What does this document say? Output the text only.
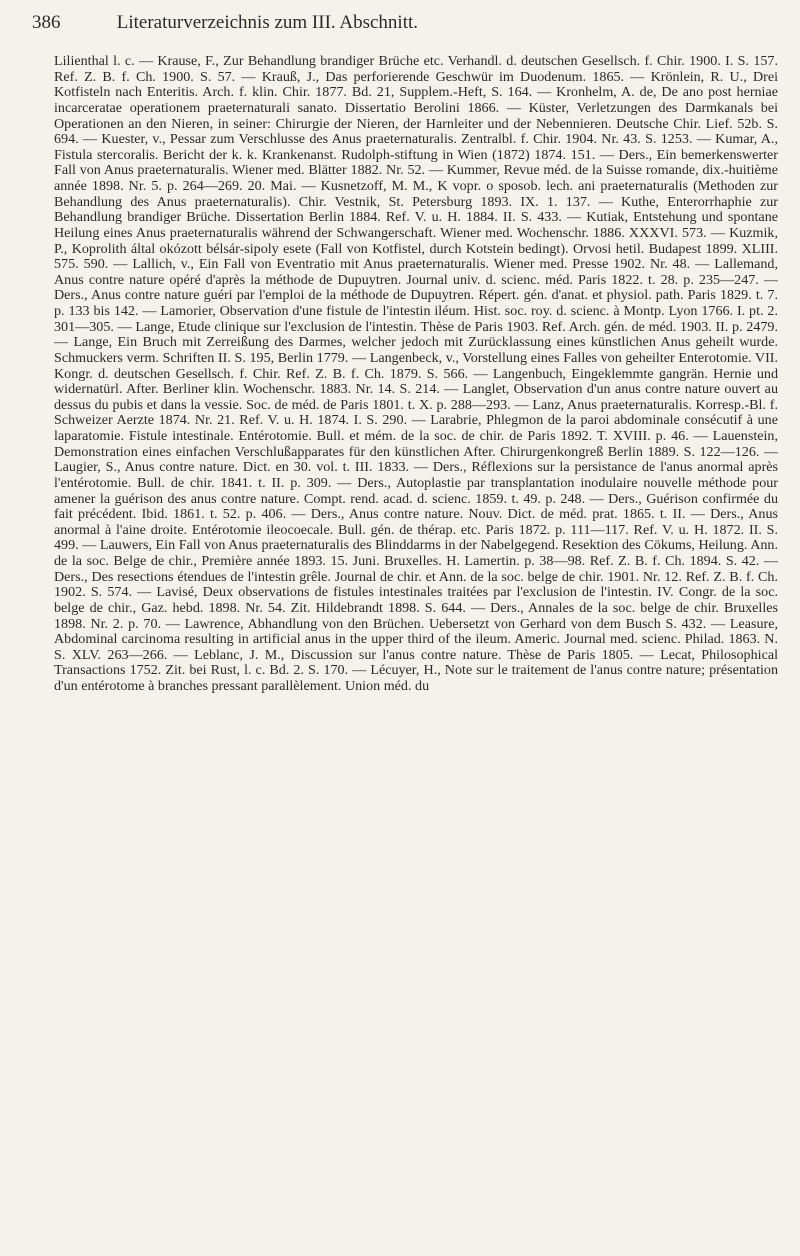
386	Literaturverzeichnis zum III. Abschnitt.

Lilienthal l. c. — Krause, F., Zur Behandlung brandiger Brüche etc. Verhandl. d. deutschen Gesellsch. f. Chir. 1900. I. S. 157. Ref. Z. B. f. Ch. 1900. S. 57. — Krauß, J., Das perforierende Geschwür im Duodenum. 1865. — Krönlein, R. U., Drei Kotfisteln nach Enteritis. Arch. f. klin. Chir. 1877. Bd. 21, Supplem.-Heft, S. 164. — Kronhelm, A. de, De ano post herniae incarceratae operationem praeternaturali sanato. Dissertatio Berolini 1866. — Küster, Verletzungen des Darmkanals bei Operationen an den Nieren, in seiner: Chirurgie der Nieren, der Harnleiter und der Nebennieren. Deutsche Chir. Lief. 52b. S. 694. — Kuester, v., Pessar zum Verschlusse des Anus praeternaturalis. Zentralbl. f. Chir. 1904. Nr. 43. S. 1253. — Kumar, A., Fistula stercoralis. Bericht der k. k. Krankenanst. Rudolph-stiftung in Wien (1872) 1874. 151. — Ders., Ein bemerkenswerter Fall von Anus praeternaturalis. Wiener med. Blätter 1882. Nr. 52. — Kummer, Revue méd. de la Suisse romande, dix.-huitième année 1898. Nr. 5. p. 264—269. 20. Mai. — Kusnetzoff, M. M., K vopr. o sposob. lech. ani praeternaturalis (Methoden zur Behandlung des Anus praeternaturalis). Chir. Vestnik, St. Petersburg 1893. IX. 1. 137. — Kuthe, Enterorrhaphie zur Behandlung brandiger Brüche. Dissertation Berlin 1884. Ref. V. u. H. 1884. II. S. 433. — Kutiak, Entstehung und spontane Heilung eines Anus praeternaturalis während der Schwangerschaft. Wiener med. Wochenschr. 1886. XXXVI. 573. — Kuzmik, P., Koprolith által okózott bélsár-sipoly esete (Fall von Kotfistel, durch Kotstein bedingt). Orvosi hetil. Budapest 1899. XLIII. 575. 590. — Lallich, v., Ein Fall von Eventratio mit Anus praeternaturalis. Wiener med. Presse 1902. Nr. 48. — Lallemand, Anus contre nature opéré d'après la méthode de Dupuytren. Journal univ. d. scienc. méd. Paris 1822. t. 28. p. 235—247. — Ders., Anus contre nature guéri par l'emploi de la méthode de Dupuytren. Répert. gén. d'anat. et physiol. path. Paris 1829. t. 7. p. 133 bis 142. — Lamorier, Observation d'une fistule de l'intestin iléum. Hist. soc. roy. d. scienc. à Montp. Lyon 1766. I. pt. 2. 301—305. — Lange, Etude clinique sur l'exclusion de l'intestin. Thèse de Paris 1903. Ref. Arch. gén. de méd. 1903. II. p. 2479. — Lange, Ein Bruch mit Zerreißung des Darmes, welcher jedoch mit Zurücklassung eines künstlichen Anus geheilt wurde. Schmuckers verm. Schriften II. S. 195, Berlin 1779. — Langenbeck, v., Vorstellung eines Falles von geheilter Enterotomie. VII. Kongr. d. deutschen Gesellsch. f. Chir. Ref. Z. B. f. Ch. 1879. S. 566. — Langenbuch, Eingeklemmte gangrän. Hernie und widernatürl. After. Berliner klin. Wochenschr. 1883. Nr. 14. S. 214. — Langlet, Observation d'un anus contre nature ouvert au dessus du pubis et dans la vessie. Soc. de méd. de Paris 1801. t. X. p. 288—293. — Lanz, Anus praeternaturalis. Korresp.-Bl. f. Schweizer Aerzte 1874. Nr. 21. Ref. V. u. H. 1874. I. S. 290. — Larabrie, Phlegmon de la paroi abdominale consécutif à une laparatomie. Fistule intestinale. Entérotomie. Bull. et mém. de la soc. de chir. de Paris 1892. T. XVIII. p. 46. — Lauenstein, Demonstration eines einfachen Verschlußapparates für den künstlichen After. Chirurgenkongreß Berlin 1889. S. 122—126. — Laugier, S., Anus contre nature. Dict. en 30. vol. t. III. 1833. — Ders., Réflexions sur la persistance de l'anus anormal après l'entérotomie. Bull. de chir. 1841. t. II. p. 309. — Ders., Autoplastie par transplantation inodulaire nouvelle méthode pour amener la guérison des anus contre nature. Compt. rend. acad. d. scienc. 1859. t. 49. p. 248. — Ders., Guérison confirmée du fait précédent. Ibid. 1861. t. 52. p. 406. — Ders., Anus contre nature. Nouv. Dict. de méd. prat. 1865. t. II. — Ders., Anus anormal à l'aine droite. Entérotomie ileocoecale. Bull. gén. de thérap. etc. Paris 1872. p. 111—117. Ref. V. u. H. 1872. II. S. 499. — Lauwers, Ein Fall von Anus praeternaturalis des Blinddarms in der Nabelgegend. Resektion des Cökums, Heilung. Ann. de la soc. Belge de chir., Première année 1893. 15. Juni. Bruxelles. H. Lamertin. p. 38—98. Ref. Z. B. f. Ch. 1894. S. 42. — Ders., Des resections étendues de l'intestin grêle. Journal de chir. et Ann. de la soc. belge de chir. 1901. Nr. 12. Ref. Z. B. f. Ch. 1902. S. 574. — Lavisé, Deux observations de fistules intestinales traitées par l'exclusion de l'intestin. IV. Congr. de la soc. belge de chir., Gaz. hebd. 1898. Nr. 54. Zit. Hildebrandt 1898. S. 644. — Ders., Annales de la soc. belge de chir. Bruxelles 1898. Nr. 2. p. 70. — Lawrence, Abhandlung von den Brüchen. Uebersetzt von Gerhard von dem Busch S. 432. — Leasure, Abdominal carcinoma resulting in artificial anus in the upper third of the ileum. Americ. Journal med. scienc. Philad. 1863. N. S. XLV. 263—266. — Leblanc, J. M., Discussion sur l'anus contre nature. Thèse de Paris 1805. — Lecat, Philosophical Transactions 1752. Zit. bei Rust, l. c. Bd. 2. S. 170. — Lécuyer, H., Note sur le traitement de l'anus contre nature; présentation d'un entérotome à branches pressant parallèlement. Union méd. du
